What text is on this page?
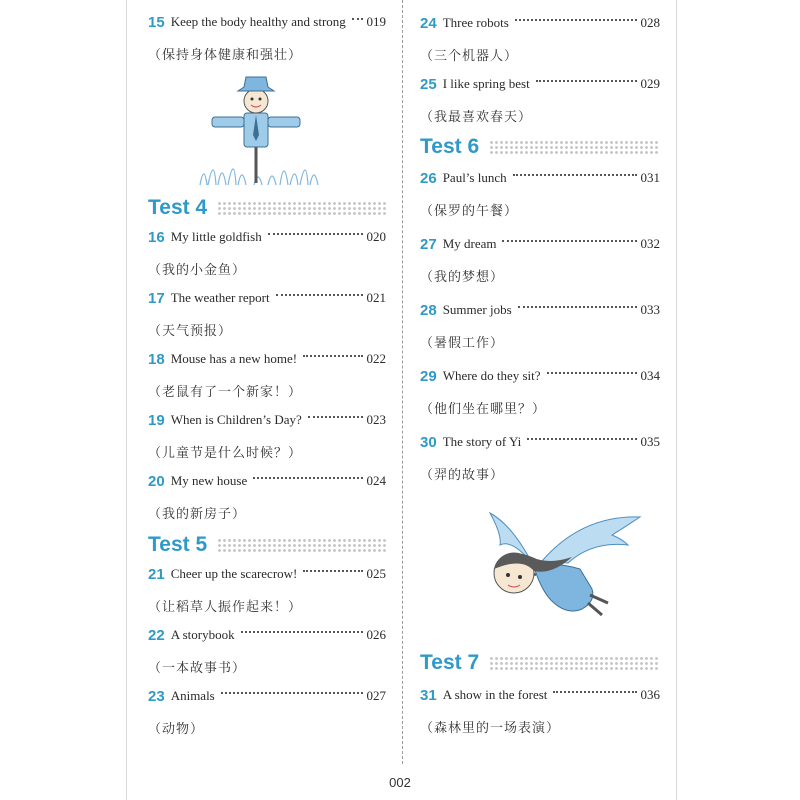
15 Keep the body healthy and strong 019
（保持身体健康和强壮）
Test 4
16 My little goldfish	020
（我的小金鱼）
17 The weather report	021
（天气预报）
18 Mouse has a new home!	022
（老鼠有了一个新家！）
19 When is Children’s Day?	023
（儿童节是什么时候？）
20 My new house	024
（我的新房子）
Test 5
21 Cheer up the scarecrow!	025
（让稻草人振作起来！）
22 A storybook	026
（一本故事书）
23 Animals	027
（动物）
24 Three robots	028
（三个机器人）
25 I like spring best	029
（我最喜欢春天）
Test 6
26 Paul’s lunch	031
（保罗的午餐）
27 My dream	032
（我的梦想）
28 Summer jobs	033
（暑假工作）
29 Where do they sit?	034
（他们坐在哪里？）
30 The story of Yi	035
（羿的故事）
Test 7
31 A show in the forest	036
（森林里的一场表演）
002
